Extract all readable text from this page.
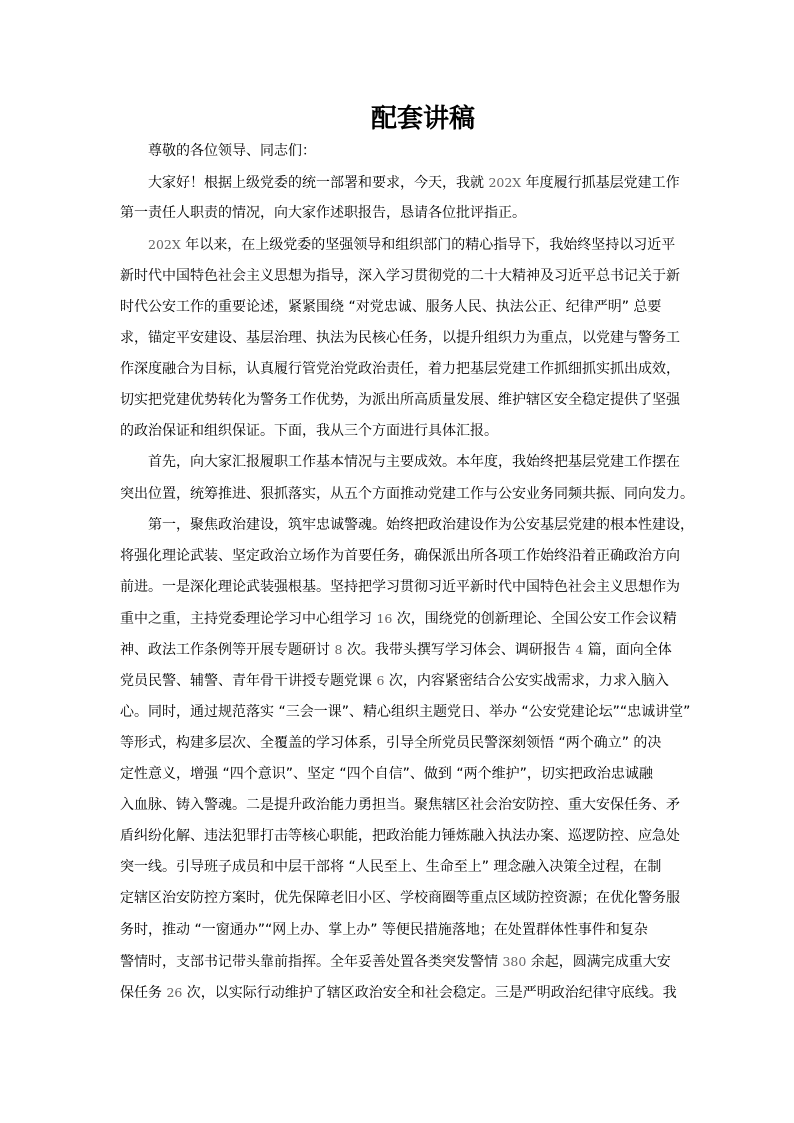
配套讲稿
尊敬的各位领导、同志们：
大家好！根据上级党委的统一部署和要求，今天，我就 202X 年度履行抓基层党建工作
第一责任人职责的情况，向大家作述职报告，恳请各位批评指正。
202X 年以来，在上级党委的坚强领导和组织部门的精心指导下，我始终坚持以习近平
新时代中国特色社会主义思想为指导，深入学习贯彻党的二十大精神及习近平总书记关于新
时代公安工作的重要论述，紧紧围绕 “对党忠诚、服务人民、执法公正、纪律严明” 总要
求，锚定平安建设、基层治理、执法为民核心任务，以提升组织力为重点，以党建与警务工
作深度融合为目标，认真履行管党治党政治责任，着力把基层党建工作抓细抓实抓出成效，
切实把党建优势转化为警务工作优势，为派出所高质量发展、维护辖区安全稳定提供了坚强
的政治保证和组织保证。下面，我从三个方面进行具体汇报。
首先，向大家汇报履职工作基本情况与主要成效。本年度，我始终把基层党建工作摆在
突出位置，统筹推进、狠抓落实，从五个方面推动党建工作与公安业务同频共振、同向发力。
第一，聚焦政治建设，筑牢忠诚警魂。始终把政治建设作为公安基层党建的根本性建设，
将强化理论武装、坚定政治立场作为首要任务，确保派出所各项工作始终沿着正确政治方向
前进。一是深化理论武装强根基。坚持把学习贯彻习近平新时代中国特色社会主义思想作为
重中之重，主持党委理论学习中心组学习 16 次，围绕党的创新理论、全国公安工作会议精
神、政法工作条例等开展专题研讨 8 次。我带头撰写学习体会、调研报告 4 篇，面向全体
党员民警、辅警、青年骨干讲授专题党课 6 次，内容紧密结合公安实战需求，力求入脑入
心。同时，通过规范落实 “三会一课”、精心组织主题党日、举办 “公安党建论坛”“忠诚讲堂”
等形式，构建多层次、全覆盖的学习体系，引导全所党员民警深刻领悟 “两个确立” 的决
定性意义，增强 “四个意识”、坚定 “四个自信”、做到 “两个维护”，切实把政治忠诚融
入血脉、铸入警魂。二是提升政治能力勇担当。聚焦辖区社会治安防控、重大安保任务、矛
盾纠纷化解、违法犯罪打击等核心职能，把政治能力锤炼融入执法办案、巡逻防控、应急处
突一线。引导班子成员和中层干部将 “人民至上、生命至上” 理念融入决策全过程，在制
定辖区治安防控方案时，优先保障老旧小区、学校商圈等重点区域防控资源；在优化警务服
务时，推动 “一窗通办”“网上办、掌上办” 等便民措施落地；在处置群体性事件和复杂
警情时，支部书记带头靠前指挥。全年妥善处置各类突发警情 380 余起，圆满完成重大安
保任务 26 次，以实际行动维护了辖区政治安全和社会稳定。三是严明政治纪律守底线。我
